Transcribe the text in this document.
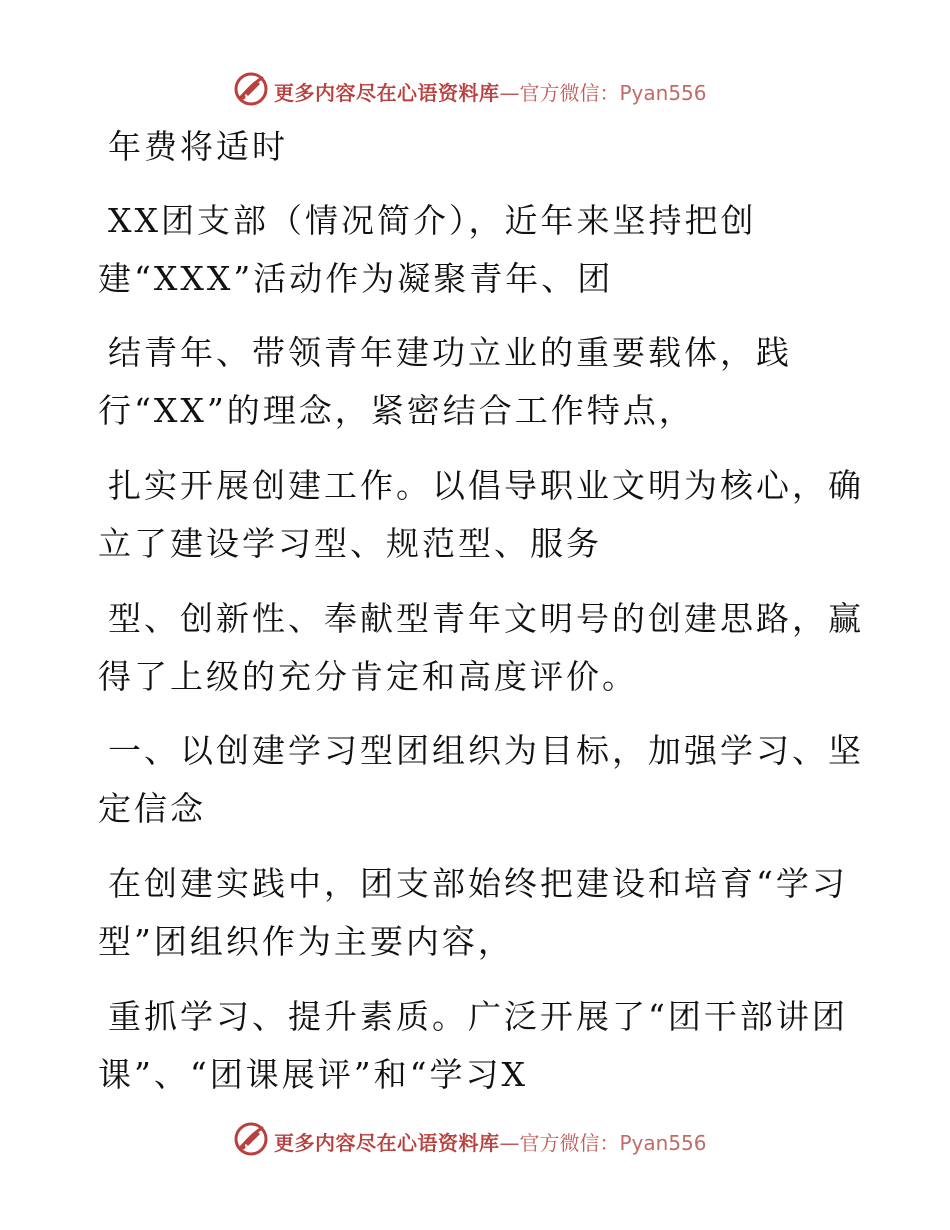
更多内容尽在心语资料库—官方微信：Pyan556
年费将适时
XX团支部（情况简介），近年来坚持把创
建“XXX”活动作为凝聚青年、团
结青年、带领青年建功立业的重要载体，践
行“XX”的理念，紧密结合工作特点，
扎实开展创建工作。以倡导职业文明为核心，确
立了建设学习型、规范型、服务
型、创新性、奉献型青年文明号的创建思路，赢
得了上级的充分肯定和高度评价。
一、以创建学习型团组织为目标，加强学习、坚
定信念
在创建实践中，团支部始终把建设和培育“学习
型”团组织作为主要内容，
重抓学习、提升素质。广泛开展了“团干部讲团
课”、“团课展评”和“学习X
更多内容尽在心语资料库—官方微信：Pyan556
